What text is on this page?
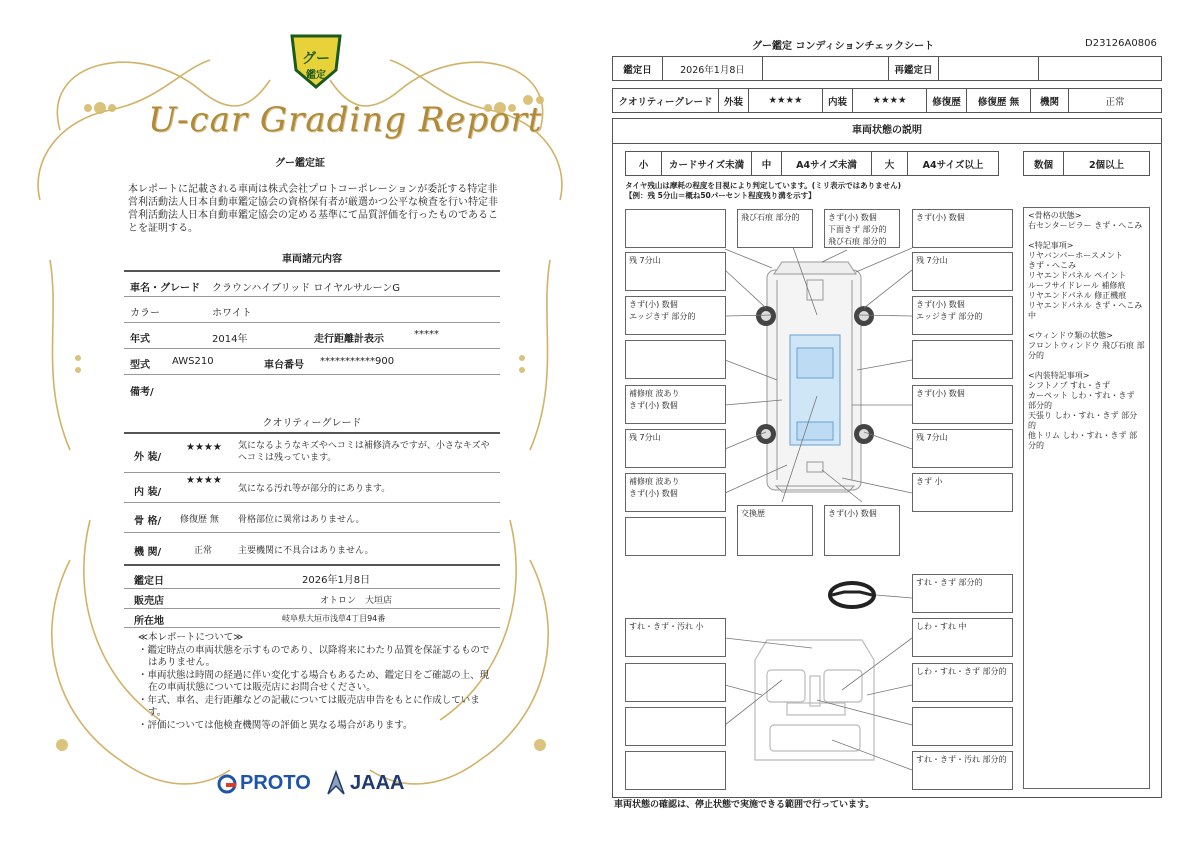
グー
鑑定
U-car Grading Report
グー鑑定証
本レポートに記載される車両は株式会社プロトコーポレーションが委託する特定非営利活動法人日本自動車鑑定協会の資格保有者が厳選かつ公平な検査を行い特定非営利活動法人日本自動車鑑定協会の定める基準にて品質評価を行ったものであることを証明する。
車両諸元内容
車名・グレード クラウンハイブリッド ロイヤルサルーンG
カラー	ホワイト
年式	2014年	走行距離計表示	*****
型式 AWS210	車台番号 ***********900
備考/
クオリティーグレード
外 装/
★★★★ 気になるようなキズやヘコミは補修済みですが、小さなキズやヘコミは残っています。
内 装/
★★★★
気になる汚れ等が部分的にあります。
骨 格/ 修復歴 無 骨格部位に異常はありません。
機 関/	正常	主要機関に不具合はありません。
鑑定日	2026年1月8日
販売店	オトロン　大垣店
所在地	岐阜県大垣市浅草4丁目94番
≪本レポートについて≫
・鑑定時点の車両状態を示すものであり、以降将来にわたり品質を保証するものではありません。
・車両状態は時間の経過に伴い変化する場合もあるため、鑑定日をご確認の上、現在の車両状態については販売店にお問合せください。
・年式、車名、走行距離などの記載については販売店申告をもとに作成しています。
・評価については他検査機関等の評価と異なる場合があります。
PROTO JAAA
グー鑑定 コンディションチェックシート	D23126A0806
鑑定日	2026年1月8日		再鑑定日		
クオリティーグレード	外装	★★★★	内装	★★★★	修復歴	修復歴 無	機関	正常
車両状態の説明
小	カードサイズ未満	中	A4サイズ未満	大	A4サイズ以上	数個	2個以上
タイヤ残山は摩耗の程度を目視により判定しています。(ミリ表示ではありません)
【例：残 5分山＝概ね50パーセント程度残り溝を示す】
飛び石痕 部分的	きず(小) 数個
下面きず 部分的
飛び石痕 部分的
きず(小) 数個
残 7分山	残 7分山
きず(小) 数個
エッジきず 部分的
きず(小) 数個
エッジきず 部分的
補修痕 波あり
きず(小) 数個
きず(小) 数個
残 7分山	残 7分山
補修痕 波あり
きず(小) 数個
きず 小
交換歴	きず(小) 数個
すれ・きず 部分的
すれ・きず・汚れ 小	しわ・すれ 中
しわ・すれ・きず 部分的
すれ・きず・汚れ 部分的
<骨格の状態>
右センターピラー きず・へこみ

<特記事項>
リヤバンパーホースメント
きず・へこみ
リヤエンドパネル ペイント
ルーフサイドレール 補修痕
リヤエンドパネル 修正機痕
リヤエンドパネル きず・へこみ 中

<ウィンドウ類の状態>
フロントウィンドウ 飛び石痕 部分的

<内装特記事項>
シフトノブ すれ・きず
カーペット しわ・すれ・きず 部分的
天張り しわ・すれ・きず 部分的
他トリム しわ・すれ・きず 部分的
車両状態の確認は、停止状態で実施できる範囲で行っています。
